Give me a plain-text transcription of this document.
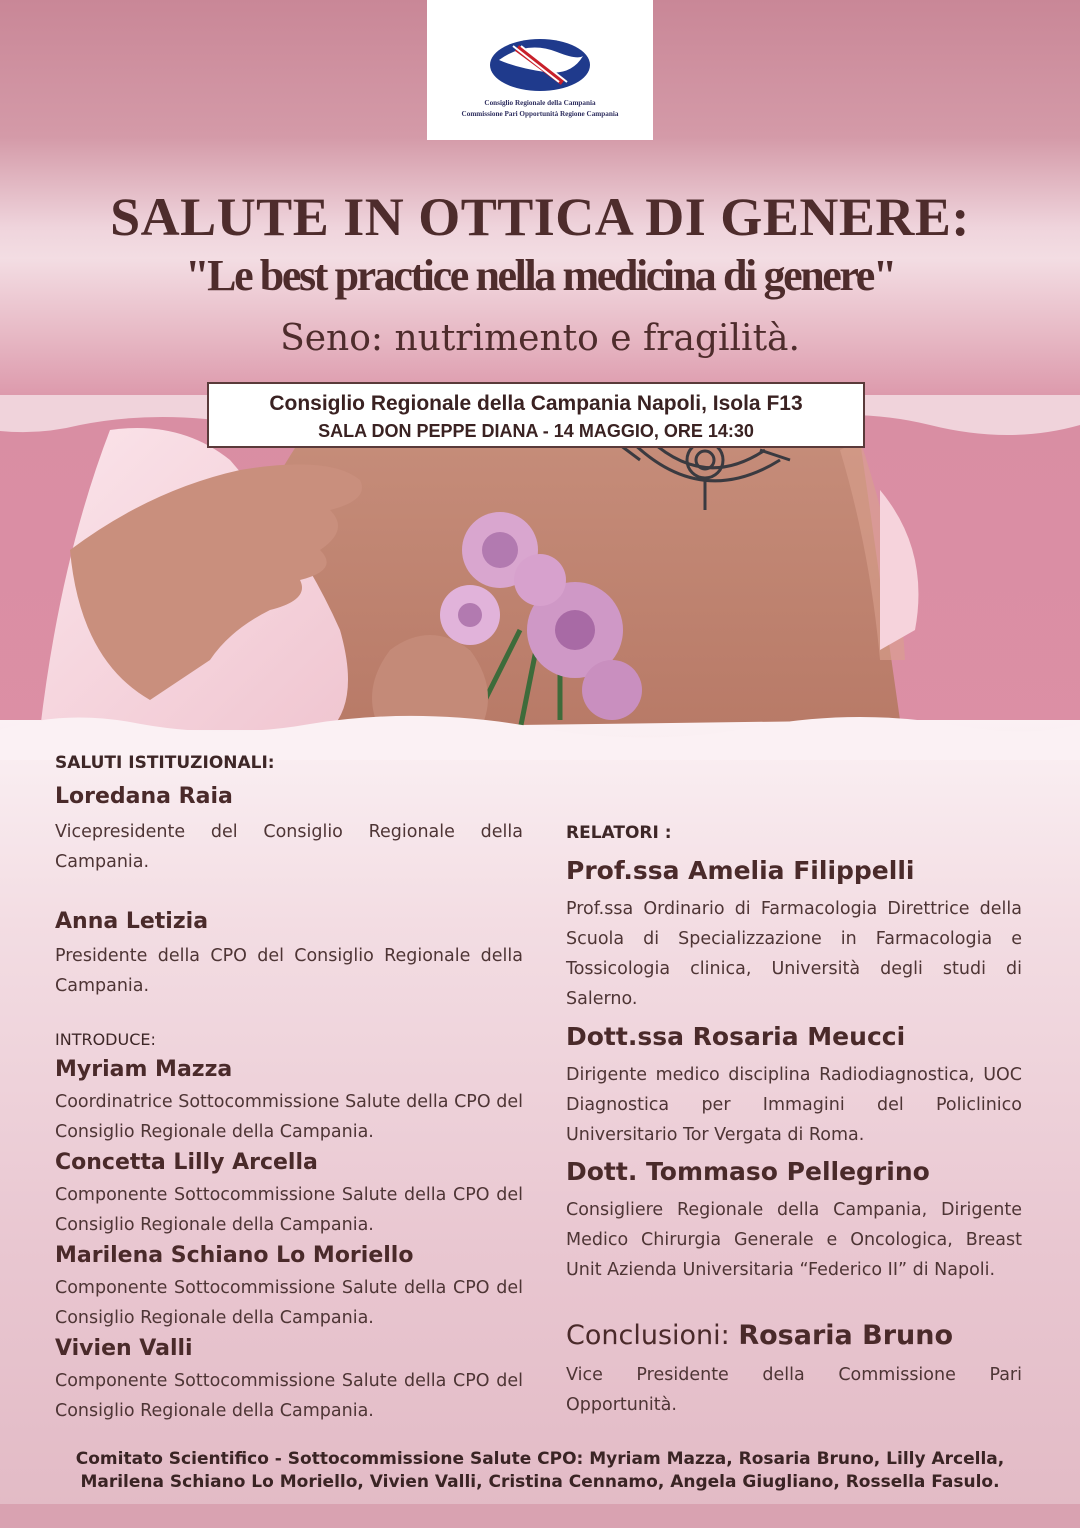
Consiglio Regionale della Campania
Commissione Pari Opportunità Regione Campania
SALUTE IN OTTICA DI GENERE:
"Le best practice nella medicina di genere"
Seno: nutrimento e fragilità.
Consiglio Regionale della Campania Napoli, Isola F13
SALA DON PEPPE DIANA - 14 MAGGIO, ORE 14:30
SALUTI ISTITUZIONALI:
Loredana Raia
Vicepresidente del Consiglio Regionale della Campania.
Anna Letizia
Presidente della CPO del Consiglio Regionale della Campania.
INTRODUCE:
Myriam Mazza
Coordinatrice Sottocommissione Salute della CPO del Consiglio Regionale della Campania.
Concetta Lilly Arcella
Componente Sottocommissione Salute della CPO del Consiglio Regionale della Campania.
Marilena Schiano Lo Moriello
Componente Sottocommissione Salute della CPO del Consiglio Regionale della Campania.
Vivien Valli
Componente Sottocommissione Salute della CPO del Consiglio Regionale della Campania.
RELATORI :
Prof.ssa Amelia Filippelli
Prof.ssa Ordinario di Farmacologia Direttrice della Scuola di Specializzazione in Farmacologia e Tossicologia clinica, Università degli studi di Salerno.
Dott.ssa Rosaria Meucci
Dirigente medico disciplina Radiodiagnostica, UOC Diagnostica per Immagini del Policlinico Universitario Tor Vergata di Roma.
Dott. Tommaso Pellegrino
Consigliere Regionale della Campania, Dirigente Medico Chirurgia Generale e Oncologica, Breast Unit Azienda Universitaria “Federico II” di Napoli.
Conclusioni: Rosaria Bruno
Vice Presidente della Commissione Pari Opportunità.
Comitato Scientifico - Sottocommissione Salute CPO: Myriam Mazza, Rosaria Bruno, Lilly Arcella,
Marilena Schiano Lo Moriello, Vivien Valli, Cristina Cennamo, Angela Giugliano, Rossella Fasulo.
